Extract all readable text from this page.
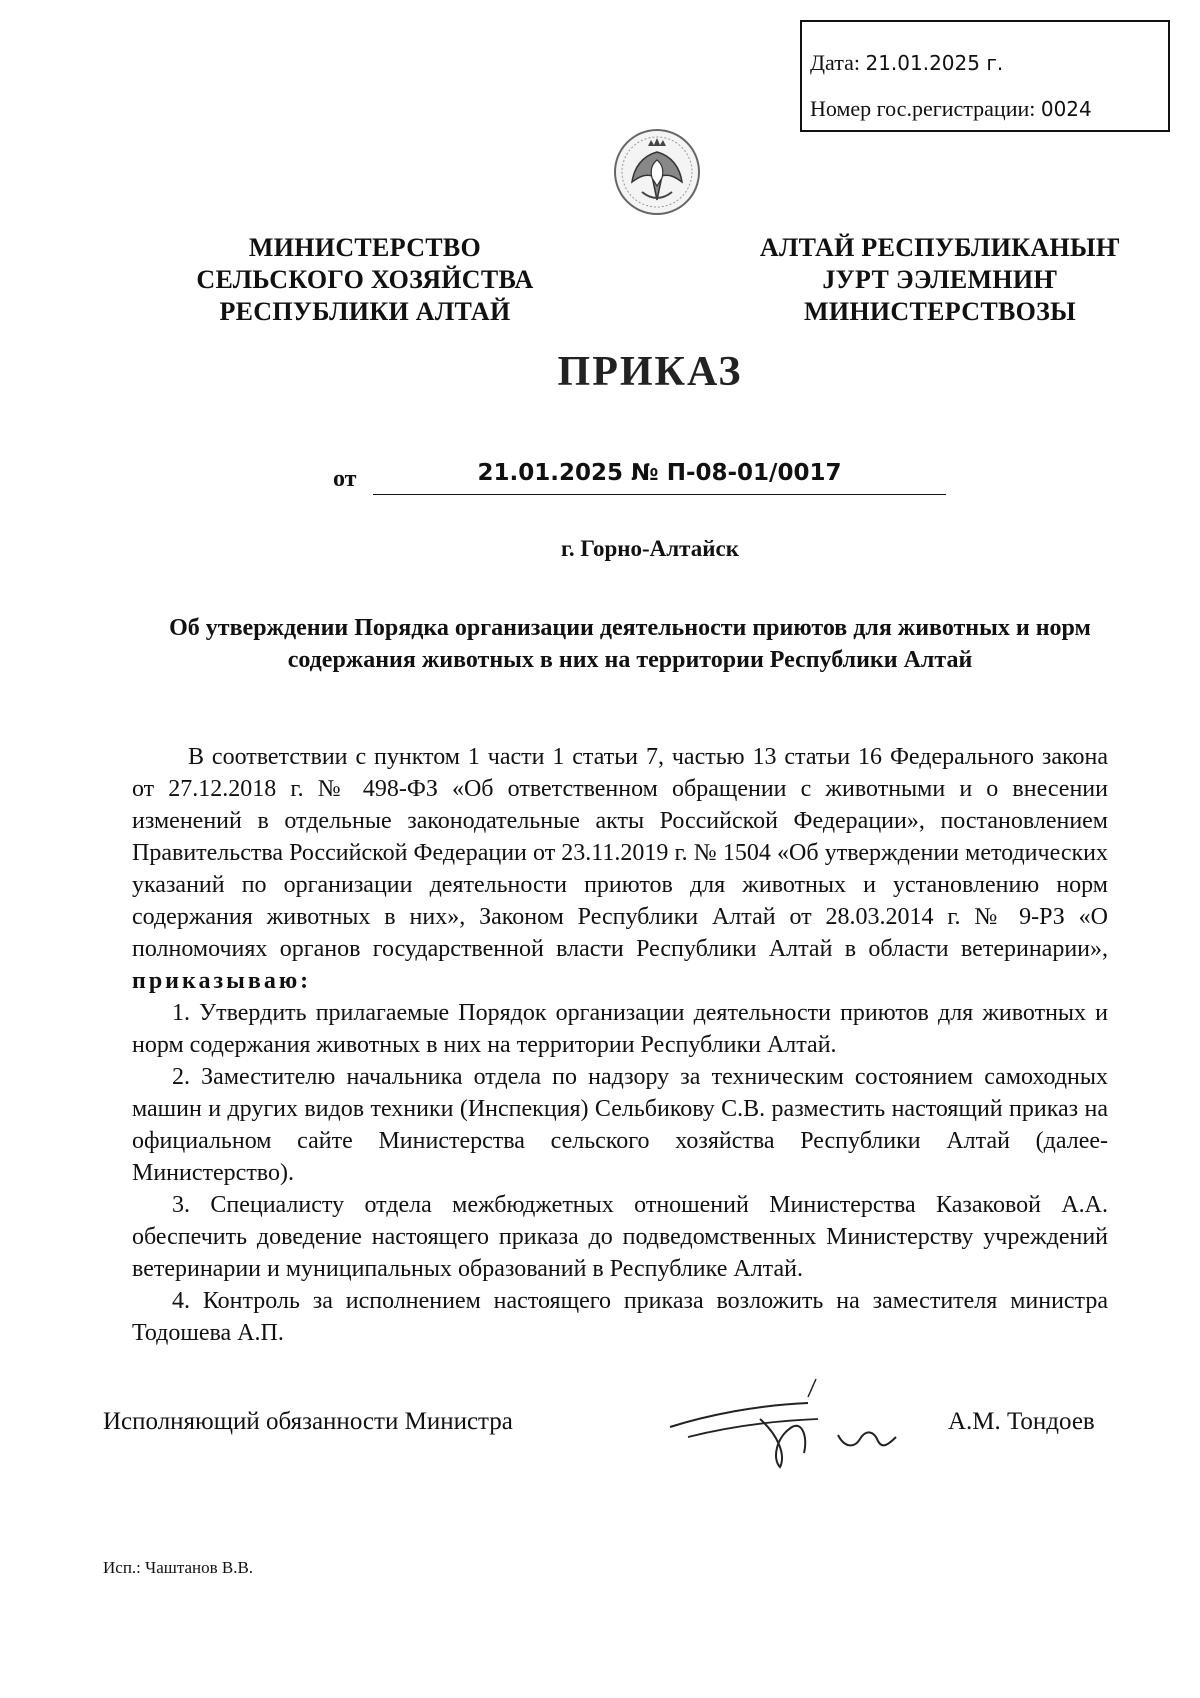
Дата: 21.01.2025 г.
Номер гос.регистрации: 0024
МИНИСТЕРСТВО
СЕЛЬСКОГО ХОЗЯЙСТВА
РЕСПУБЛИКИ АЛТАЙ
АЛТАЙ РЕСПУБЛИКАНЫҤ
ЈУРТ ЭЭЛЕМНИҤ
МИНИСТЕРСТВОЗЫ
ПРИКАЗ
от	21.01.2025 № П-08-01/0017
г. Горно-Алтайск
Об утверждении Порядка организации деятельности приютов для животных и норм содержания животных в них на территории Республики Алтай

В соответствии с пунктом 1 части 1 статьи 7, частью 13 статьи 16 Федерального закона от 27.12.2018 г. № 498-ФЗ «Об ответственном обращении с животными и о внесении изменений в отдельные законодательные акты Российской Федерации», постановлением Правительства Российской Федерации от 23.11.2019 г. № 1504 «Об утверждении методических указаний по организации деятельности приютов для животных и установлению норм содержания животных в них», Законом Республики Алтай от 28.03.2014 г. № 9-РЗ «О полномочиях органов государственной власти Республики Алтай в области ветеринарии», приказываю:

1. Утвердить прилагаемые Порядок организации деятельности приютов для животных и норм содержания животных в них на территории Республики Алтай.

2. Заместителю начальника отдела по надзору за техническим состоянием самоходных машин и других видов техники (Инспекция) Сельбикову С.В. разместить настоящий приказ на официальном сайте Министерства сельского хозяйства Республики Алтай (далее-Министерство).

3. Специалисту отдела межбюджетных отношений Министерства Казаковой А.А. обеспечить доведение настоящего приказа до подведомственных Министерству учреждений ветеринарии и муниципальных образований в Республике Алтай.

4. Контроль за исполнением настоящего приказа возложить на заместителя министра Тодошева А.П.

Исполняющий обязанности Министра	А.М. Тондоев
Исп.: Чаштанов В.В.
